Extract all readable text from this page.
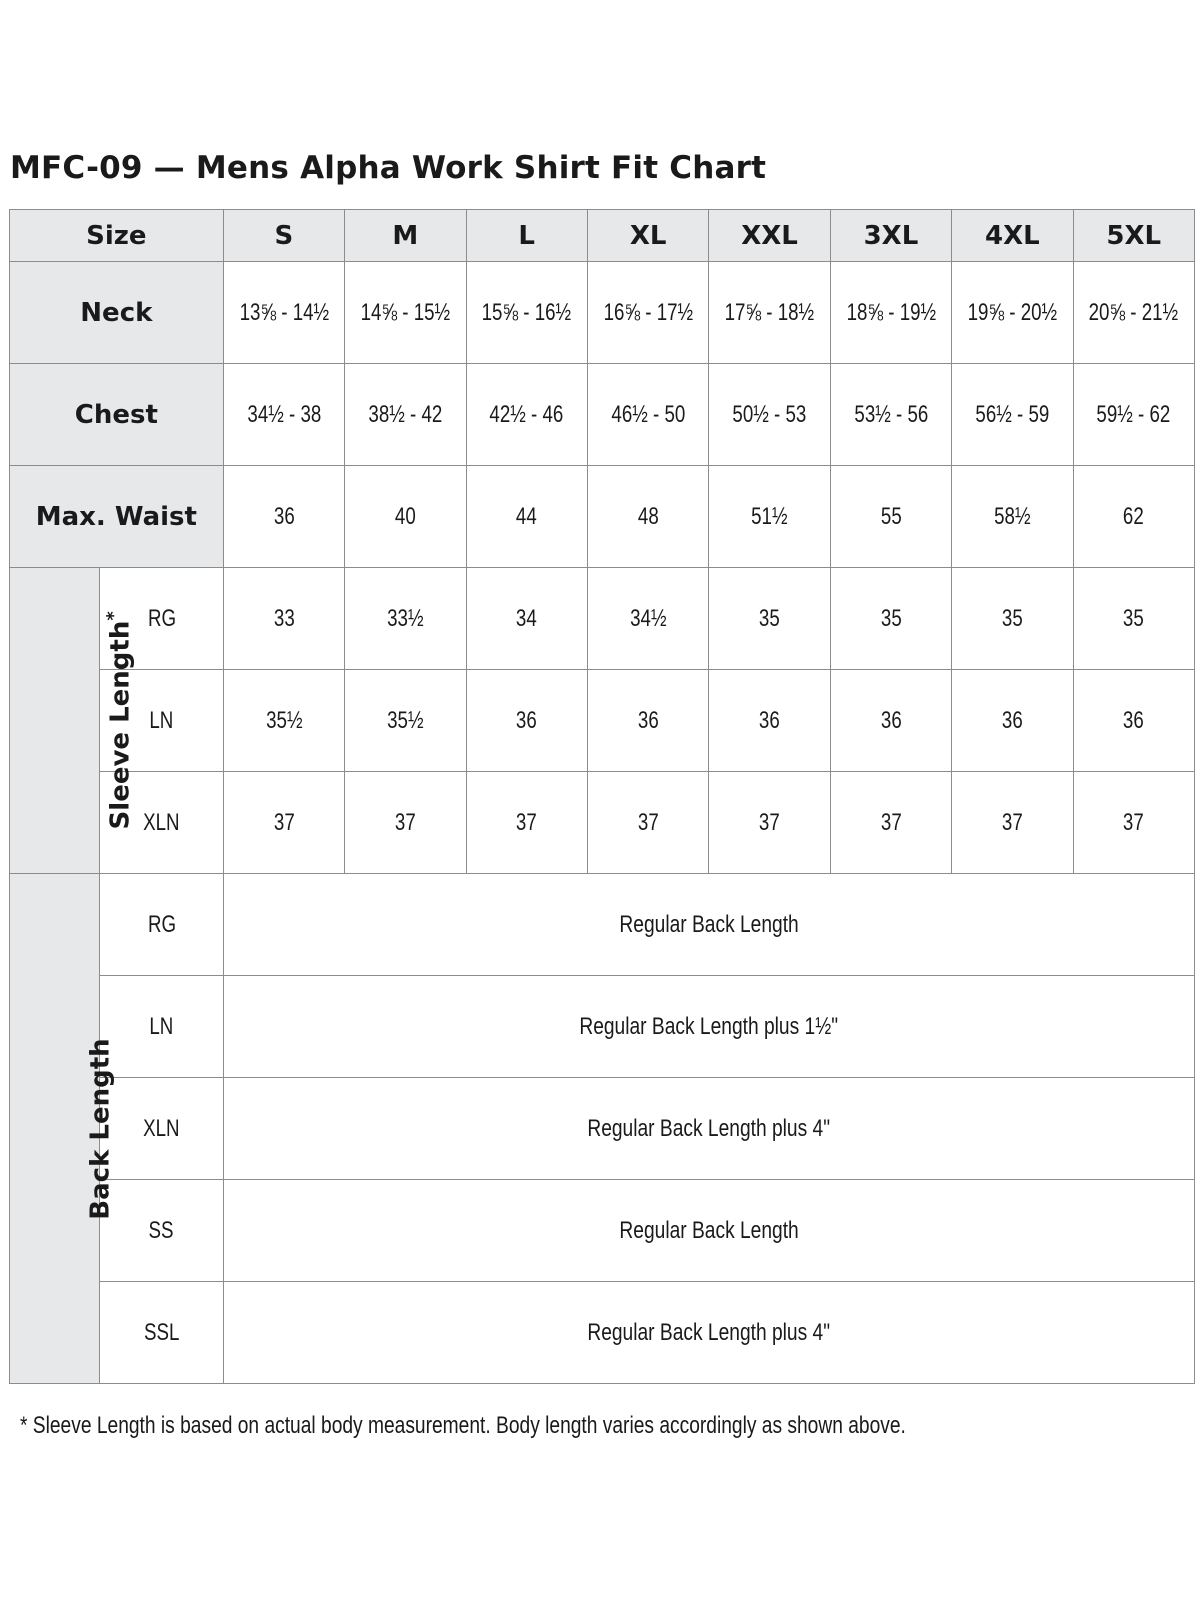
MFC-09 — Mens Alpha Work Shirt Fit Chart
Size		S	M	L	XL	XXL	3XL	4XL	5XL
Neck		13⅝ - 14½	14⅝ - 15½	15⅝ - 16½	16⅝ - 17½	17⅝ - 18½	18⅝ - 19½	19⅝ - 20½	20⅝ - 21½
Chest		34½ - 38	38½ - 42	42½ - 46	46½ - 50	50½ - 53	53½ - 56	56½ - 59	59½ - 62
Max. Waist		36	40	44	48	51½	55	58½	62
Sleeve Length*	RG	33	33½	34	34½	35	35	35	35
	LN	35½	35½	36	36	36	36	36	36
	XLN	37	37	37	37	37	37	37	37
Back Length	RG	Regular Back Length							
	LN	Regular Back Length plus 1½"							
	XLN	Regular Back Length plus 4"							
	SS	Regular Back Length							
	SSL	Regular Back Length plus 4"							
* Sleeve Length is based on actual body measurement. Body length varies accordingly as shown above.
